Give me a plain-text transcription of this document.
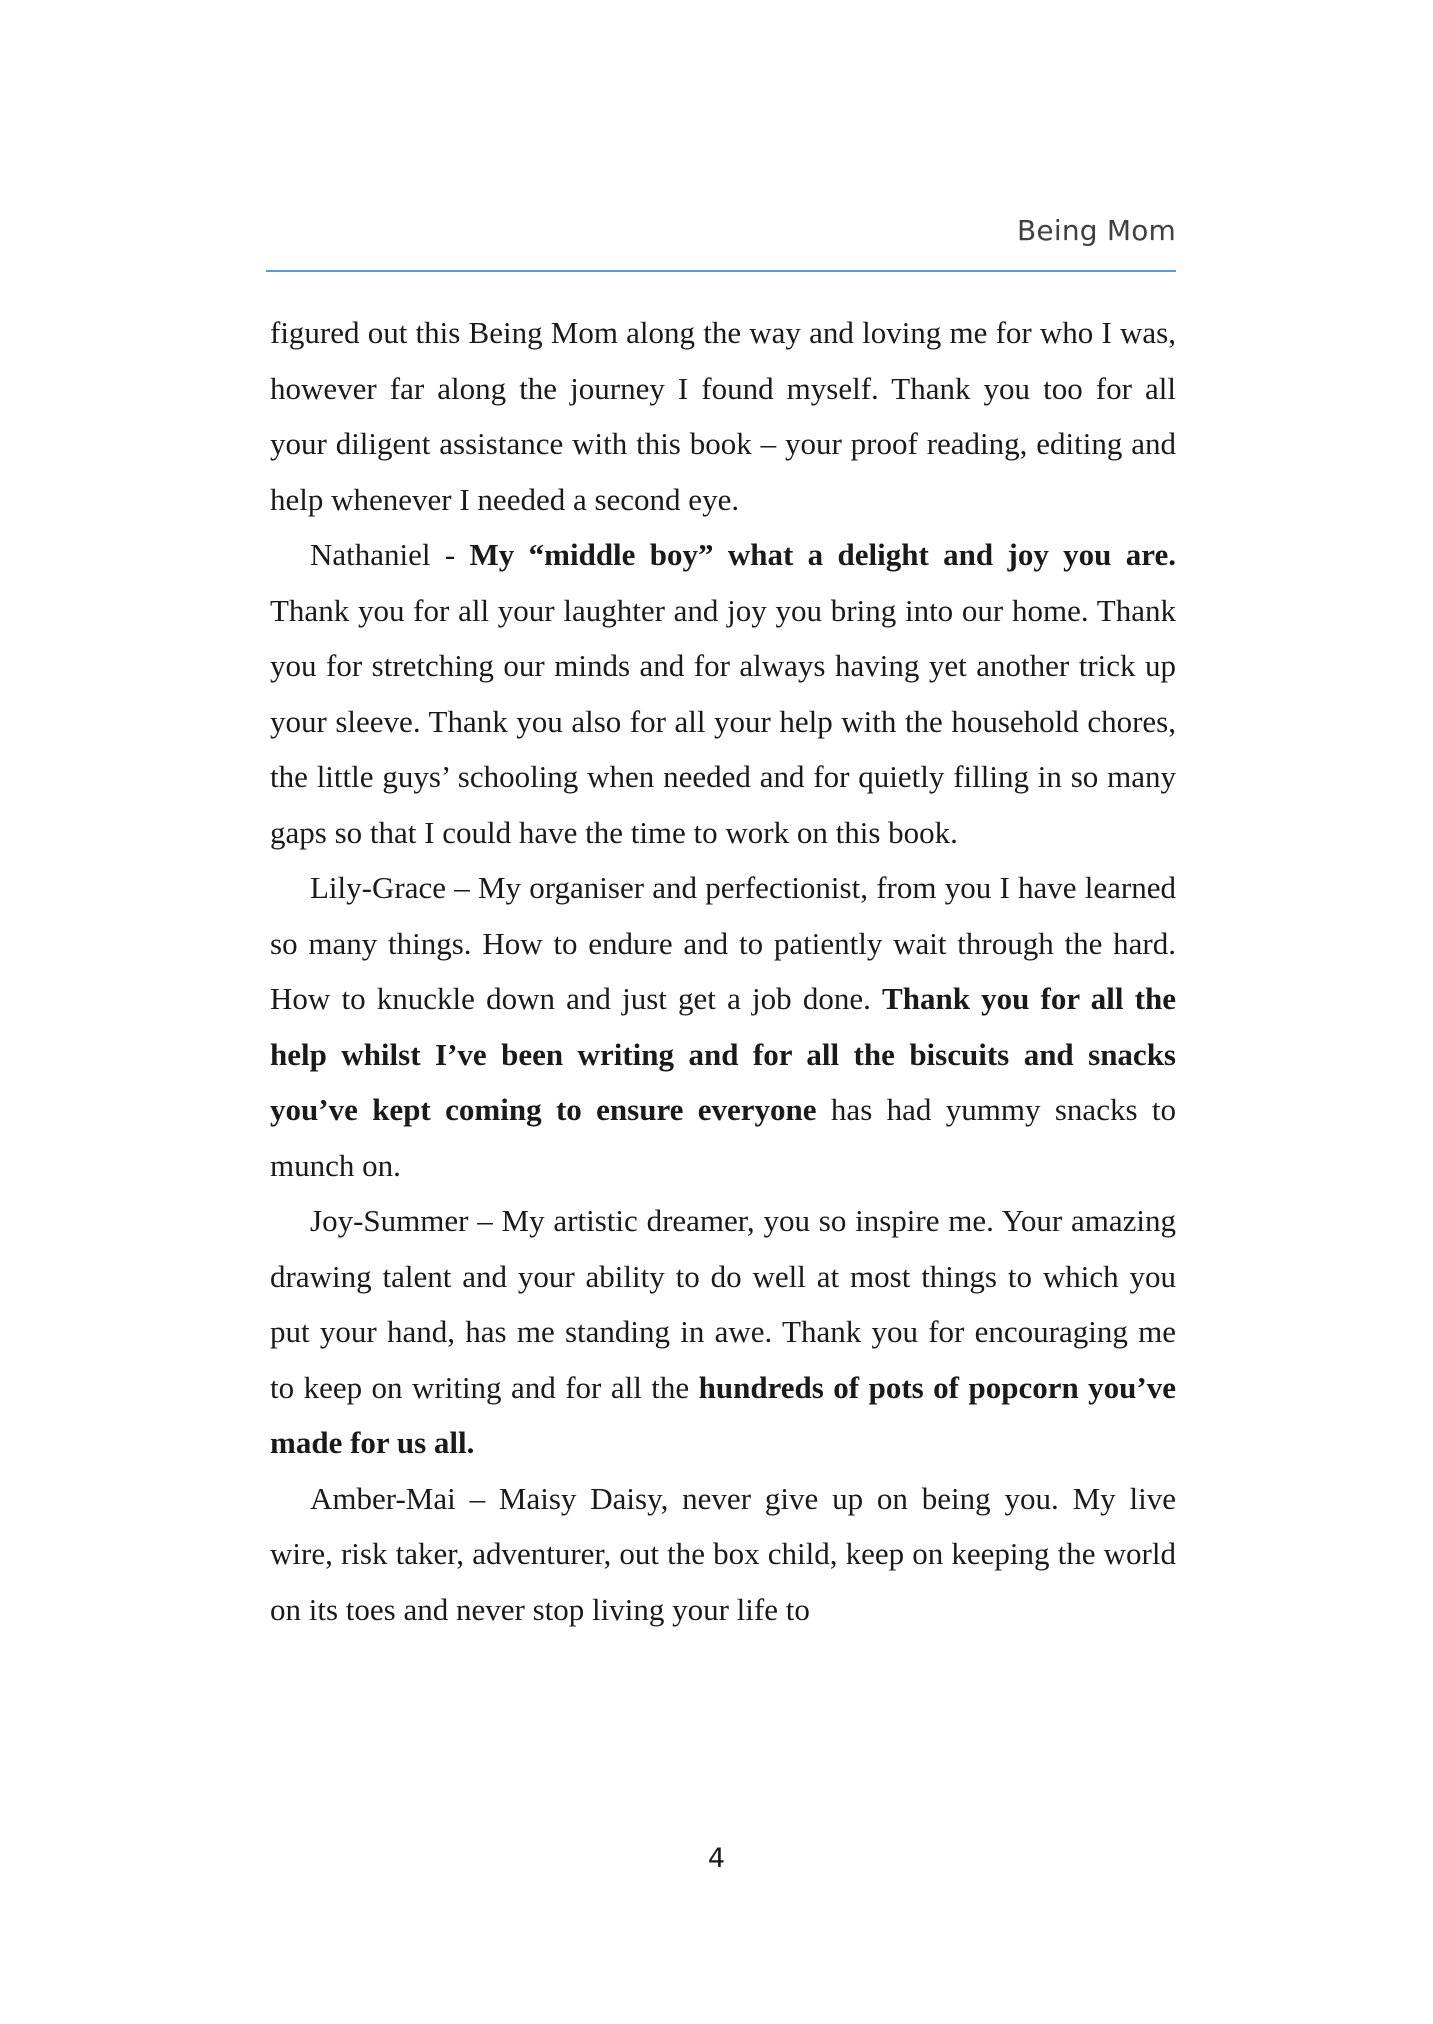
Being Mom

figured out this Being Mom along the way and loving me for who I was, however far along the journey I found myself. Thank you too for all your diligent assistance with this book – your proof reading, editing and help whenever I needed a second eye.

Nathaniel - My “middle boy” what a delight and joy you are. Thank you for all your laughter and joy you bring into our home. Thank you for stretching our minds and for always having yet another trick up your sleeve. Thank you also for all your help with the household chores, the little guys’ schooling when needed and for quietly filling in so many gaps so that I could have the time to work on this book.

Lily-Grace – My organiser and perfectionist, from you I have learned so many things. How to endure and to patiently wait through the hard. How to knuckle down and just get a job done. Thank you for all the help whilst I’ve been writing and for all the biscuits and snacks you’ve kept coming to ensure everyone has had yummy snacks to munch on.

Joy-Summer – My artistic dreamer, you so inspire me. Your amazing drawing talent and your ability to do well at most things to which you put your hand, has me standing in awe. Thank you for encouraging me to keep on writing and for all the hundreds of pots of popcorn you’ve made for us all.

Amber-Mai – Maisy Daisy, never give up on being you. My live wire, risk taker, adventurer, out the box child, keep on keeping the world on its toes and never stop living your life to

4
